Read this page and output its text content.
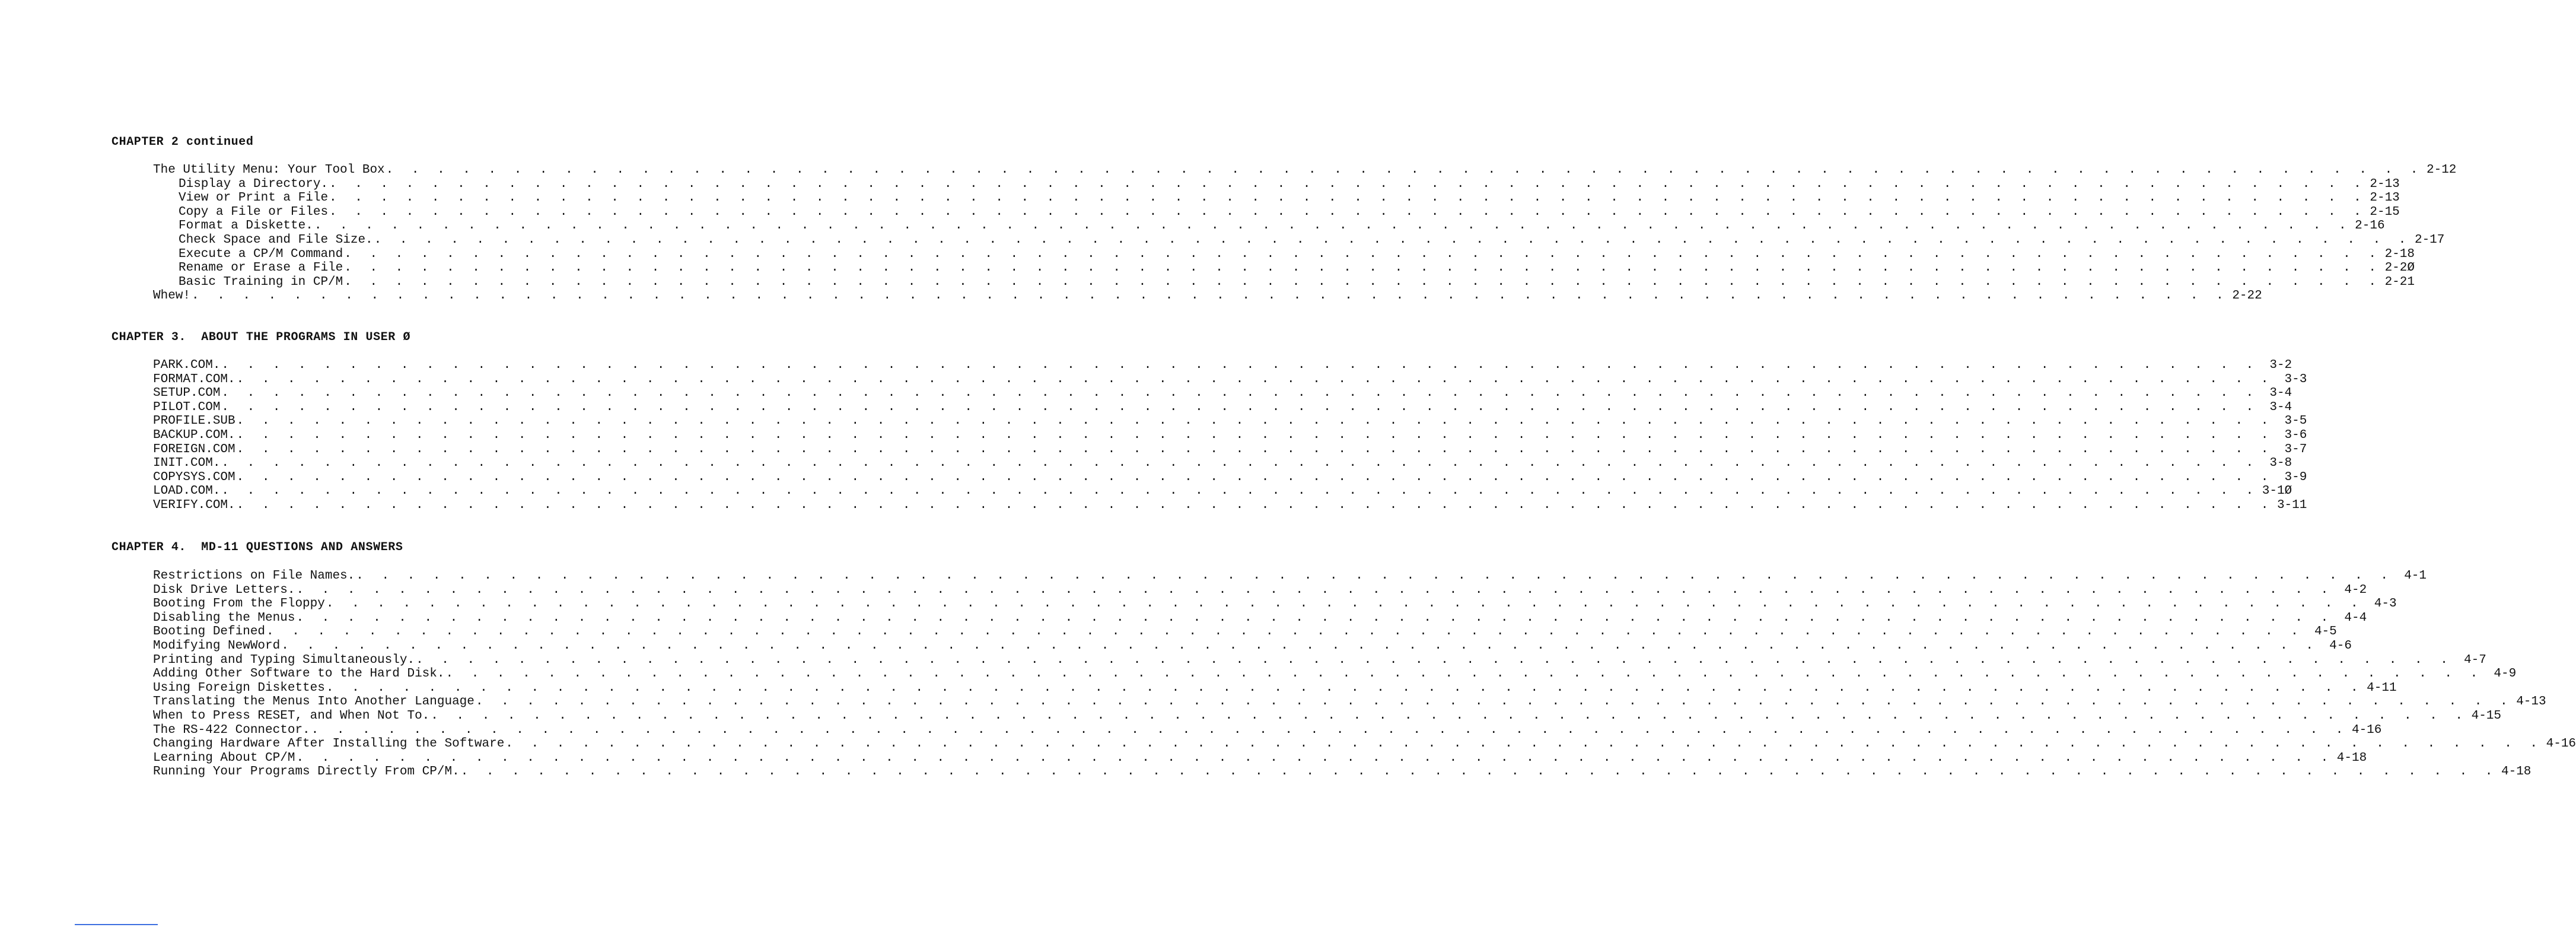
CHAPTER 2 continued
CHAPTER 3.  ABOUT THE PROGRAMS IN USER Ø
CHAPTER 4.  MD-11 QUESTIONS AND ANSWERS
The Utility Menu: Your Tool Box . . . . . . . . . . . . . . . . . . . . . . . . . . . . . . . . . . . . . . . . . . . . . . . . . . . . . . . . . . . . . . . . . . . . . . . . . . . . . . . . 2-12
Display a Directory. . . . . . . . . . . . . . . . . . . . . . . . . . . . . . . . . . . . . . . . . . . . . . . . . . . . . . . . . . . . . . . . . . . . . . . . . . . . . . . . . 2-13
View or Print a File . . . . . . . . . . . . . . . . . . . . . . . . . . . . . . . . . . . . . . . . . . . . . . . . . . . . . . . . . . . . . . . . . . . . . . . . . . . . . . . . 2-13
Copy a File or Files . . . . . . . . . . . . . . . . . . . . . . . . . . . . . . . . . . . . . . . . . . . . . . . . . . . . . . . . . . . . . . . . . . . . . . . . . . . . . . . . 2-15
Format a Diskette. . . . . . . . . . . . . . . . . . . . . . . . . . . . . . . . . . . . . . . . . . . . . . . . . . . . . . . . . . . . . . . . . . . . . . . . . . . . . . . . . 2-16
Check Space and File Size. . . . . . . . . . . . . . . . . . . . . . . . . . . . . . . . . . . . . . . . . . . . . . . . . . . . . . . . . . . . . . . . . . . . . . . . . . . . . . . . . 2-17
Execute a CP/M Command . . . . . . . . . . . . . . . . . . . . . . . . . . . . . . . . . . . . . . . . . . . . . . . . . . . . . . . . . . . . . . . . . . . . . . . . . . . . . . . . 2-18
Rename or Erase a File . . . . . . . . . . . . . . . . . . . . . . . . . . . . . . . . . . . . . . . . . . . . . . . . . . . . . . . . . . . . . . . . . . . . . . . . . . . . . . . . 2-2Ø
Basic Training in CP/M . . . . . . . . . . . . . . . . . . . . . . . . . . . . . . . . . . . . . . . . . . . . . . . . . . . . . . . . . . . . . . . . . . . . . . . . . . . . . . . . 2-21
Whew! . . . . . . . . . . . . . . . . . . . . . . . . . . . . . . . . . . . . . . . . . . . . . . . . . . . . . . . . . . . . . . . . . . . . . . . . . . . . . . . . 2-22
PARK.COM. . . . . . . . . . . . . . . . . . . . . . . . . . . . . . . . . . . . . . . . . . . . . . . . . . . . . . . . . . . . . . . . . . . . . . . . . . . . . . . . . 3-2
FORMAT.COM. . . . . . . . . . . . . . . . . . . . . . . . . . . . . . . . . . . . . . . . . . . . . . . . . . . . . . . . . . . . . . . . . . . . . . . . . . . . . . . . . 3-3
SETUP.COM . . . . . . . . . . . . . . . . . . . . . . . . . . . . . . . . . . . . . . . . . . . . . . . . . . . . . . . . . . . . . . . . . . . . . . . . . . . . . . . . 3-4
PILOT.COM . . . . . . . . . . . . . . . . . . . . . . . . . . . . . . . . . . . . . . . . . . . . . . . . . . . . . . . . . . . . . . . . . . . . . . . . . . . . . . . . 3-4
PROFILE.SUB . . . . . . . . . . . . . . . . . . . . . . . . . . . . . . . . . . . . . . . . . . . . . . . . . . . . . . . . . . . . . . . . . . . . . . . . . . . . . . . . 3-5
BACKUP.COM. . . . . . . . . . . . . . . . . . . . . . . . . . . . . . . . . . . . . . . . . . . . . . . . . . . . . . . . . . . . . . . . . . . . . . . . . . . . . . . . . 3-6
FOREIGN.COM . . . . . . . . . . . . . . . . . . . . . . . . . . . . . . . . . . . . . . . . . . . . . . . . . . . . . . . . . . . . . . . . . . . . . . . . . . . . . . . . 3-7
INIT.COM. . . . . . . . . . . . . . . . . . . . . . . . . . . . . . . . . . . . . . . . . . . . . . . . . . . . . . . . . . . . . . . . . . . . . . . . . . . . . . . . . 3-8
COPYSYS.COM . . . . . . . . . . . . . . . . . . . . . . . . . . . . . . . . . . . . . . . . . . . . . . . . . . . . . . . . . . . . . . . . . . . . . . . . . . . . . . . . 3-9
LOAD.COM. . . . . . . . . . . . . . . . . . . . . . . . . . . . . . . . . . . . . . . . . . . . . . . . . . . . . . . . . . . . . . . . . . . . . . . . . . . . . . . . . 3-1Ø
VERIFY.COM. . . . . . . . . . . . . . . . . . . . . . . . . . . . . . . . . . . . . . . . . . . . . . . . . . . . . . . . . . . . . . . . . . . . . . . . . . . . . . . . . 3-11
Restrictions on File Names. . . . . . . . . . . . . . . . . . . . . . . . . . . . . . . . . . . . . . . . . . . . . . . . . . . . . . . . . . . . . . . . . . . . . . . . . . . . . . . . . 4-1
Disk Drive Letters. . . . . . . . . . . . . . . . . . . . . . . . . . . . . . . . . . . . . . . . . . . . . . . . . . . . . . . . . . . . . . . . . . . . . . . . . . . . . . . . . 4-2
Booting From the Floppy . . . . . . . . . . . . . . . . . . . . . . . . . . . . . . . . . . . . . . . . . . . . . . . . . . . . . . . . . . . . . . . . . . . . . . . . . . . . . . . . 4-3
Disabling the Menus . . . . . . . . . . . . . . . . . . . . . . . . . . . . . . . . . . . . . . . . . . . . . . . . . . . . . . . . . . . . . . . . . . . . . . . . . . . . . . . . 4-4
Booting Defined . . . . . . . . . . . . . . . . . . . . . . . . . . . . . . . . . . . . . . . . . . . . . . . . . . . . . . . . . . . . . . . . . . . . . . . . . . . . . . . . 4-5
Modifying NewWord . . . . . . . . . . . . . . . . . . . . . . . . . . . . . . . . . . . . . . . . . . . . . . . . . . . . . . . . . . . . . . . . . . . . . . . . . . . . . . . . 4-6
Printing and Typing Simultaneously. . . . . . . . . . . . . . . . . . . . . . . . . . . . . . . . . . . . . . . . . . . . . . . . . . . . . . . . . . . . . . . . . . . . . . . . . . . . . . . . . 4-7
Adding Other Software to the Hard Disk. . . . . . . . . . . . . . . . . . . . . . . . . . . . . . . . . . . . . . . . . . . . . . . . . . . . . . . . . . . . . . . . . . . . . . . . . . . . . . . . . 4-9
Using Foreign Diskettes . . . . . . . . . . . . . . . . . . . . . . . . . . . . . . . . . . . . . . . . . . . . . . . . . . . . . . . . . . . . . . . . . . . . . . . . . . . . . . . . 4-11
Translating the Menus Into Another Language . . . . . . . . . . . . . . . . . . . . . . . . . . . . . . . . . . . . . . . . . . . . . . . . . . . . . . . . . . . . . . . . . . . . . . . . . . . . . . . . 4-13
When to Press RESET, and When Not To. . . . . . . . . . . . . . . . . . . . . . . . . . . . . . . . . . . . . . . . . . . . . . . . . . . . . . . . . . . . . . . . . . . . . . . . . . . . . . . . . 4-15
The RS-422 Connector. . . . . . . . . . . . . . . . . . . . . . . . . . . . . . . . . . . . . . . . . . . . . . . . . . . . . . . . . . . . . . . . . . . . . . . . . . . . . . . . . 4-16
Changing Hardware After Installing the Software . . . . . . . . . . . . . . . . . . . . . . . . . . . . . . . . . . . . . . . . . . . . . . . . . . . . . . . . . . . . . . . . . . . . . . . . . . . . . . . . 4-16
Learning About CP/M . . . . . . . . . . . . . . . . . . . . . . . . . . . . . . . . . . . . . . . . . . . . . . . . . . . . . . . . . . . . . . . . . . . . . . . . . . . . . . . . 4-18
Running Your Programs Directly From CP/M. . . . . . . . . . . . . . . . . . . . . . . . . . . . . . . . . . . . . . . . . . . . . . . . . . . . . . . . . . . . . . . . . . . . . . . . . . . . . . . . . 4-18
